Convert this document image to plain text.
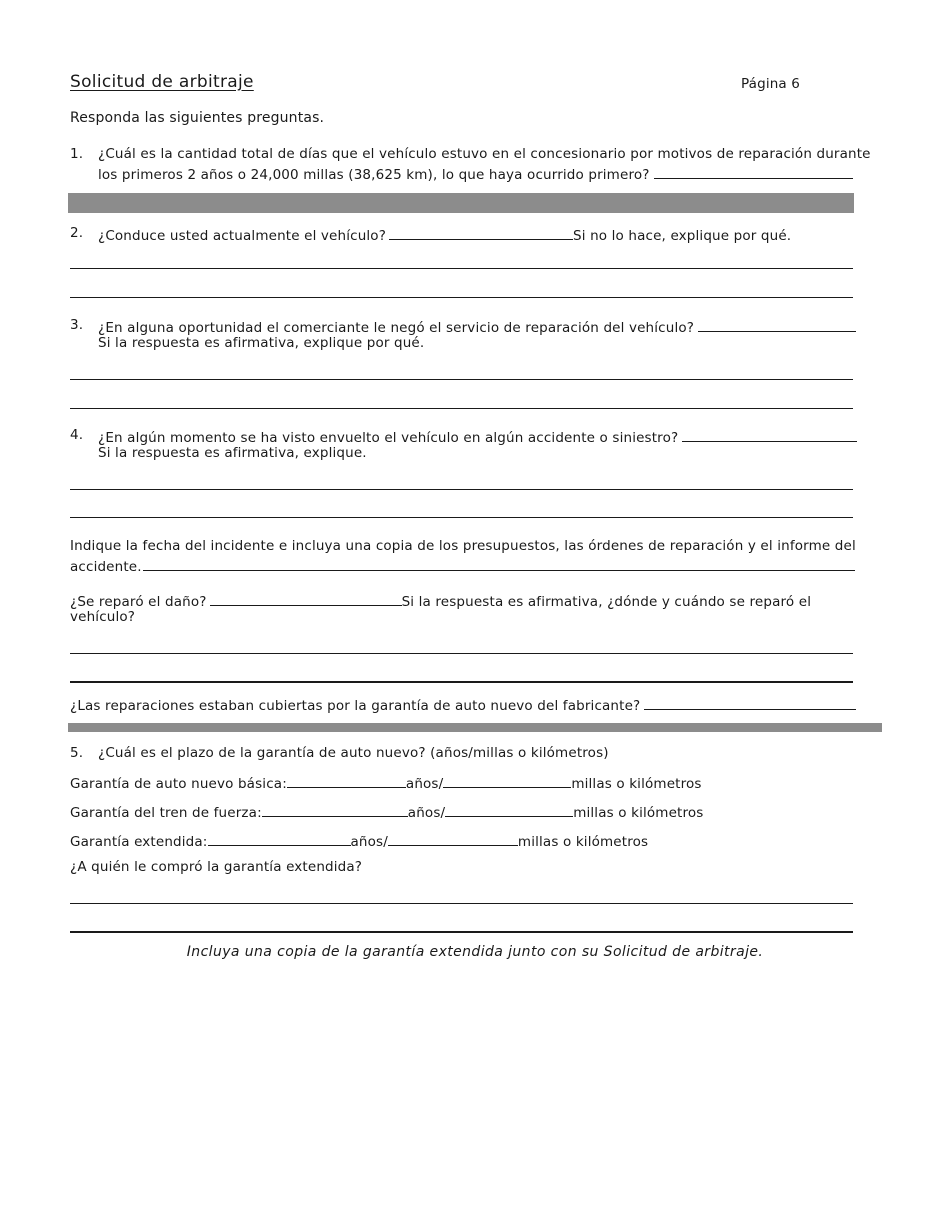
Solicitud de arbitraje	Página 6
Responda las siguientes preguntas.
1. ¿Cuál es la cantidad total de días que el vehículo estuvo en el concesionario por motivos de reparación durante
los primeros 2 años o 24,000 millas (38,625 km), lo que haya ocurrido primero?
2. ¿Conduce usted actualmente el vehículo?	Si no lo hace, explique por qué.
3. ¿En alguna oportunidad el comerciante le negó el servicio de reparación del vehículo?
Si la respuesta es afirmativa, explique por qué.
4. ¿En algún momento se ha visto envuelto el vehículo en algún accidente o siniestro?
Si la respuesta es afirmativa, explique.
Indique la fecha del incidente e incluya una copia de los presupuestos, las órdenes de reparación y el informe del
accidente.
¿Se reparó el daño?	Si la respuesta es afirmativa, ¿dónde y cuándo se reparó el
vehículo?
¿Las reparaciones estaban cubiertas por la garantía de auto nuevo del fabricante?
5. ¿Cuál es el plazo de la garantía de auto nuevo? (años/millas o kilómetros)
Garantía de auto nuevo básica:	años/	millas o kilómetros
Garantía del tren de fuerza:	años/	millas o kilómetros
Garantía extendida:	años/	millas o kilómetros
¿A quién le compró la garantía extendida?
Incluya una copia de la garantía extendida junto con su Solicitud de arbitraje.
